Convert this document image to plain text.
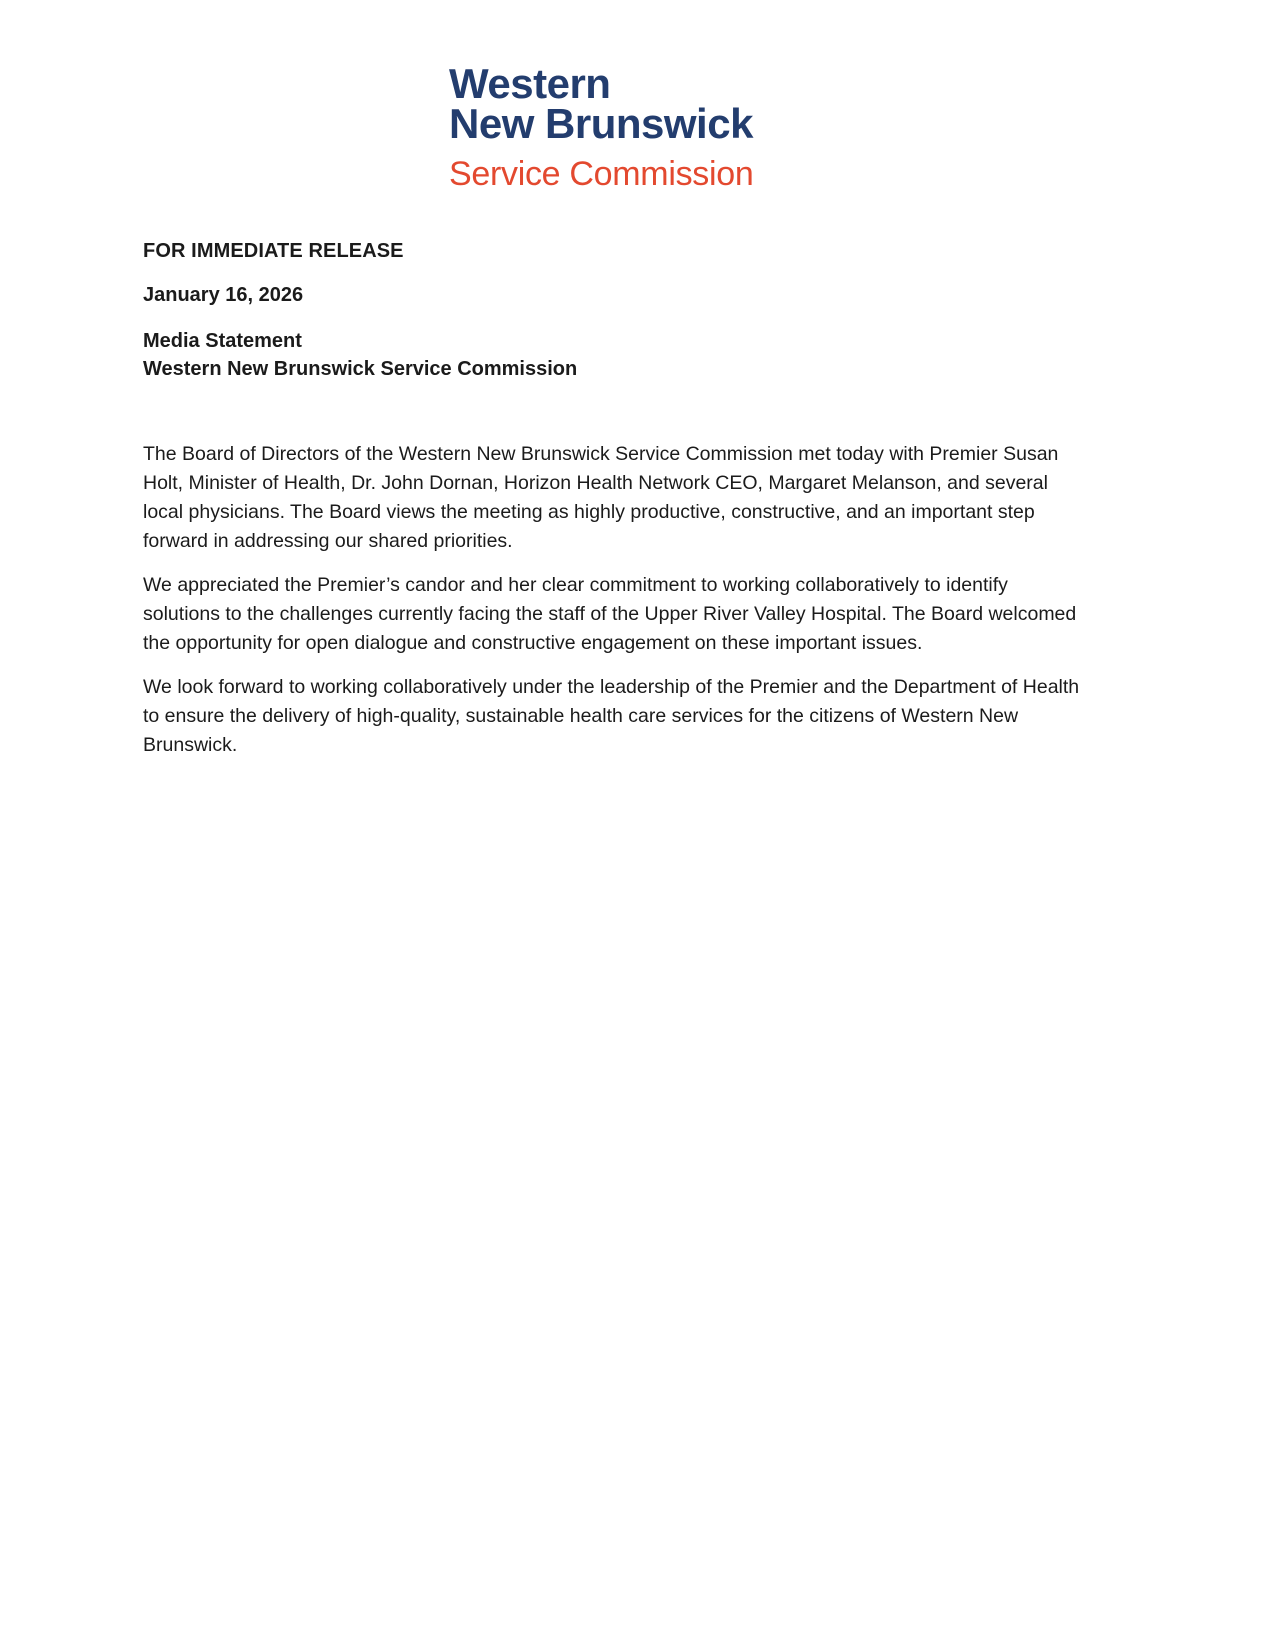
Western
New Brunswick
Service Commission
FOR IMMEDIATE RELEASE
January 16, 2026
Media Statement
Western New Brunswick Service Commission

The Board of Directors of the Western New Brunswick Service Commission met today with Premier Susan Holt, Minister of Health, Dr. John Dornan, Horizon Health Network CEO, Margaret Melanson, and several local physicians. The Board views the meeting as highly productive, constructive, and an important step forward in addressing our shared priorities.

We appreciated the Premier’s candor and her clear commitment to working collaboratively to identify solutions to the challenges currently facing the staff of the Upper River Valley Hospital. The Board welcomed the opportunity for open dialogue and constructive engagement on these important issues.

We look forward to working collaboratively under the leadership of the Premier and the Department of Health to ensure the delivery of high-quality, sustainable health care services for the citizens of Western New Brunswick.
